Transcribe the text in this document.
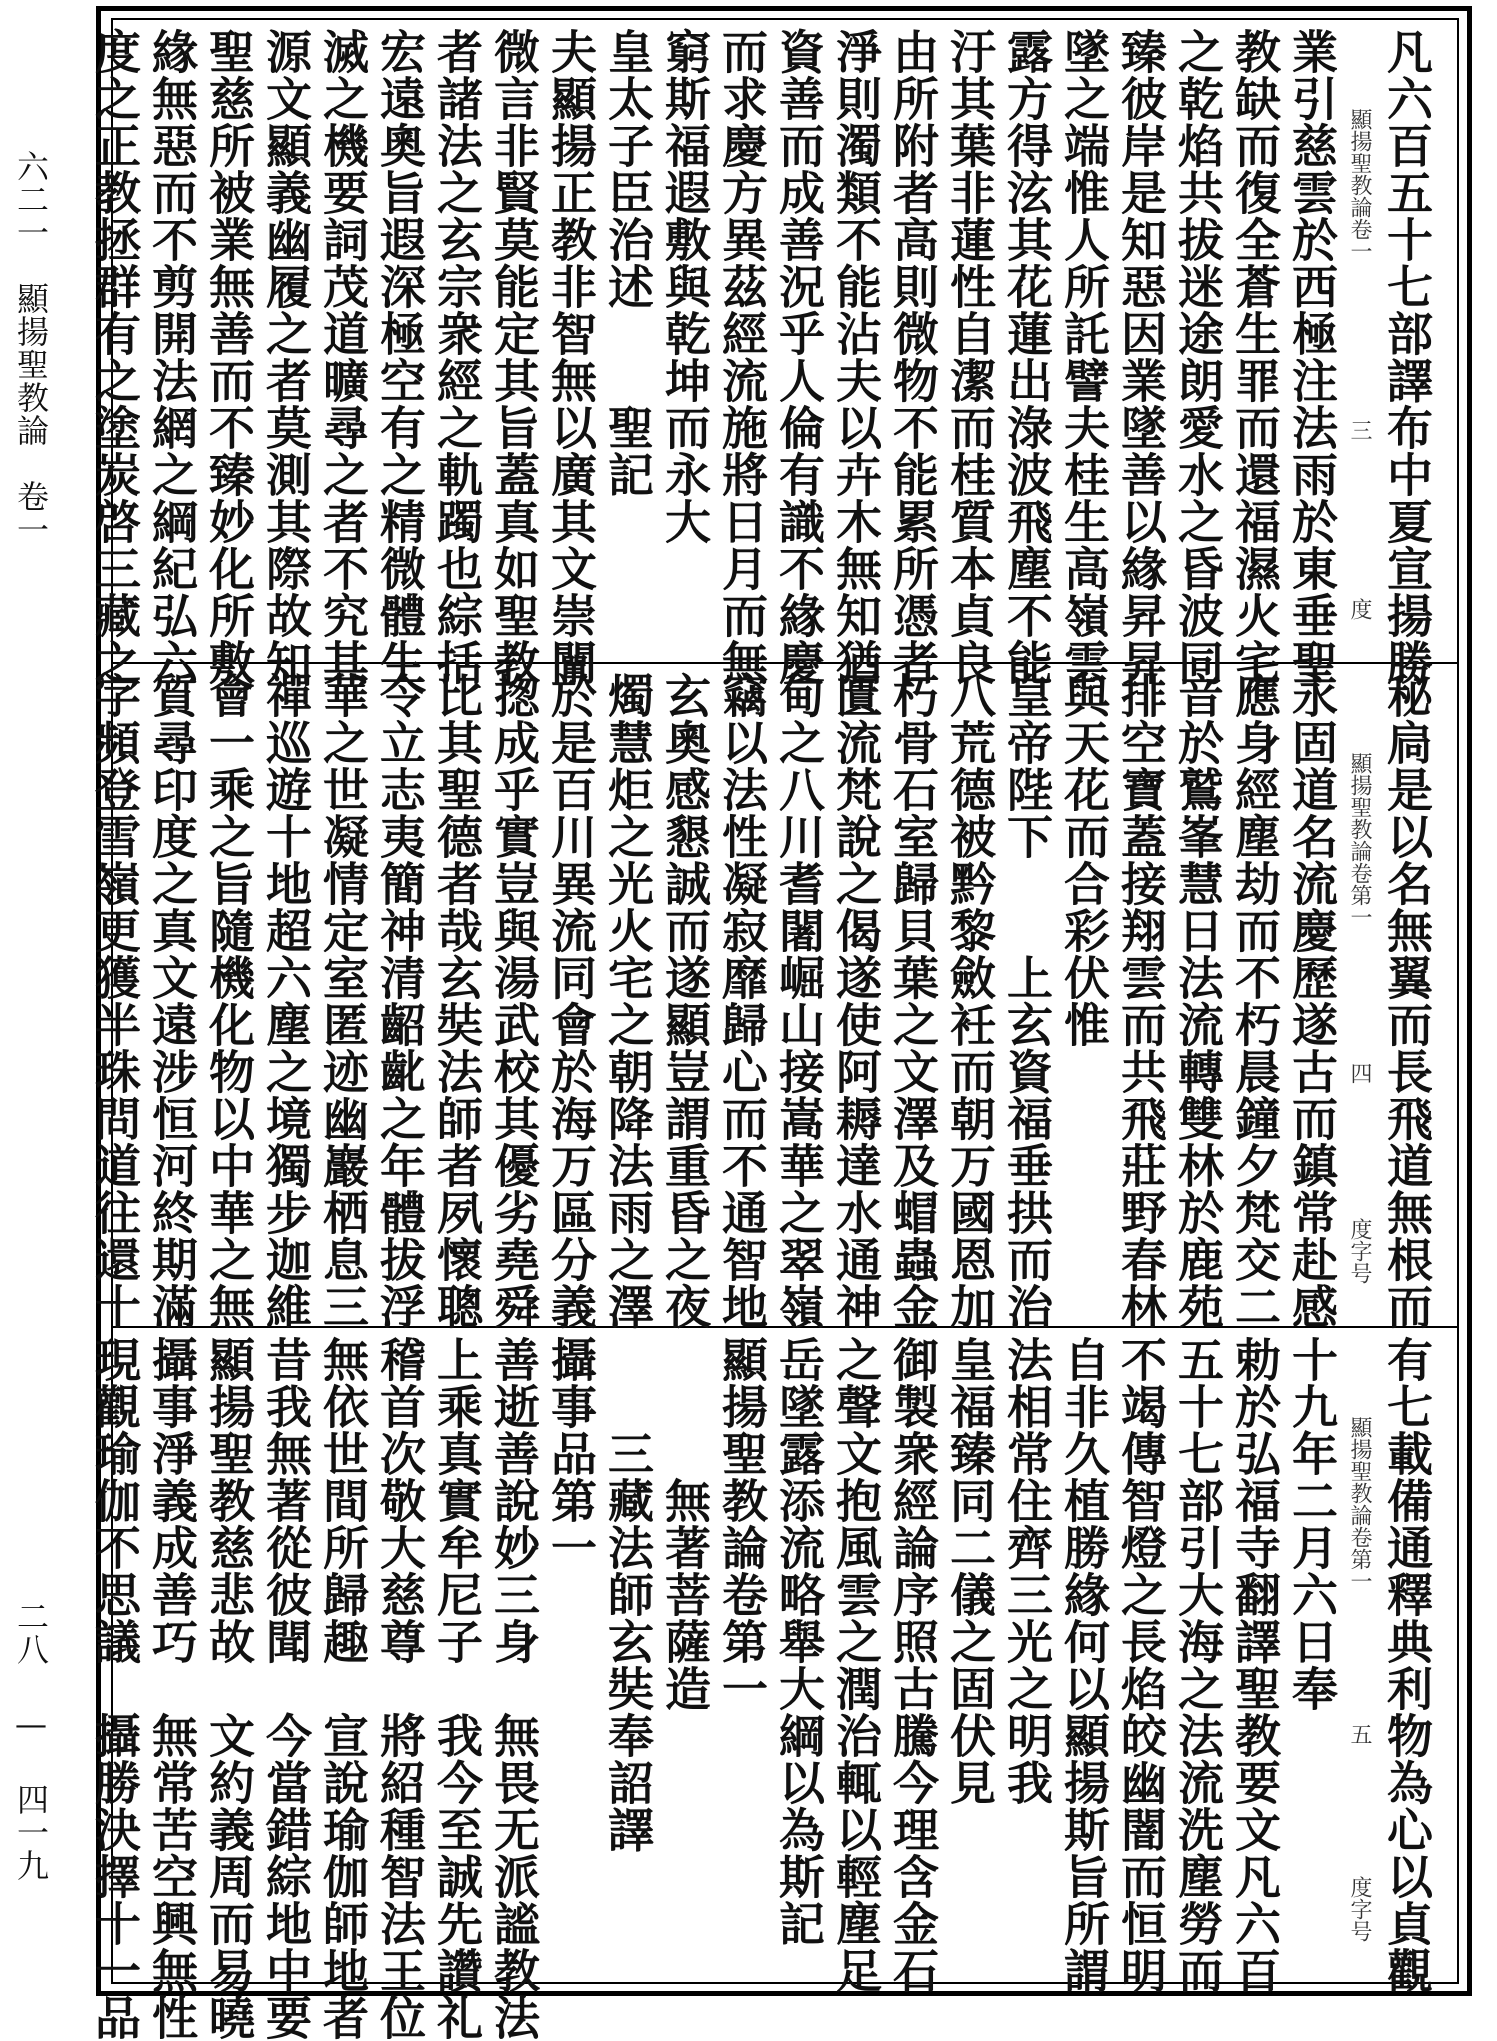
六二一　顯揚聖教論　卷一
二八 — 四一九
凡六百五十七部譯布中夏宣揚勝
顯揚聖教論卷一
三
度
業引慈雲於西極注法雨於東垂聖
教缺而復全蒼生罪而還福濕火宅
之乾焰共拔迷途朗愛水之昏波同
臻彼岸是知惡因業墜善以緣昇昇
墜之端惟人所託譬夫桂生高嶺雲
露方得泫其花蓮出淥波飛塵不能
汙其葉非蓮性自潔而桂質本貞良
由所附者高則微物不能累所憑者
淨則濁類不能沾夫以卉木無知猶
資善而成善況乎人倫有識不緣慶
而求慶方異茲經流施將日月而無
窮斯福遐敷與乾坤而永大
皇太子臣治述　　聖記
夫顯揚正教非智無以廣其文崇闡
微言非賢莫能定其旨蓋真如聖教
者諸法之玄宗衆經之軌躅也綜括
宏遠奧旨遐深極空有之精微體生
滅之機要詞茂道曠尋之者不究其
源文顯義幽履之者莫測其際故知
聖慈所被業無善而不臻妙化所敷
緣無惡而不剪開法網之綱紀弘六
度之正教拯群有之塗炭啓三藏之
秘扃是以名無翼而長飛道無根而
顯揚聖教論卷第一
四
度字号
永固道名流慶歷遂古而鎮常赴感
應身經塵劫而不朽晨鐘夕梵交二
音於鷲峯慧日法流轉雙林於鹿苑
排空寶蓋接翔雲而共飛莊野春林
與天花而合彩伏惟
皇帝陛下　　上玄資福垂拱而治
八荒德被黔黎斂衽而朝万國恩加
朽骨石室歸貝葉之文澤及蝐蟲金
匱流梵說之偈遂使阿耨達水通神
甸之八川耆闍崛山接嵩華之翠嶺
竊以法性凝寂靡歸心而不通智地
玄奧感懇誠而遂顯豈謂重昏之夜
燭慧炬之光火宅之朝降法雨之澤
於是百川異流同會於海万區分義
揔成乎實豈與湯武校其優劣堯舜
比其聖德者哉玄奘法師者夙懷聰
令立志夷簡神清齠齔之年體拔浮
華之世凝情定室匿迹幽巖栖息三
禪巡遊十地超六塵之境獨步迦維
會一乘之旨隨機化物以中華之無
質尋印度之真文遠涉恒河終期滿
字頻登雪嶺更獲半珠問道往還十
有七載備通釋典利物為心以貞觀
顯揚聖教論卷第一
五
度字号
十九年二月六日奉
勅於弘福寺翻譯聖教要文凡六百
五十七部引大海之法流洗塵勞而
不竭傳智燈之長焰皎幽闇而恒明
自非久植勝緣何以顯揚斯旨所謂
法相常住齊三光之明我
皇福臻同二儀之固伏見
御製衆經論序照古騰今理含金石
之聲文抱風雲之潤治輒以輕塵足
岳墜露添流略舉大綱以為斯記
顯揚聖教論卷第一
　　　無著菩薩造
　　三藏法師玄奘奉詔譯
攝事品第一
善逝善說妙三身　無畏无派謐教法
上乘真實牟尼子　我今至誠先讚礼
稽首次敬大慈尊　將紹種智法王位
無依世間所歸趣　宣說瑜伽師地者
昔我無著從彼聞　今當錯綜地中要
顯揚聖教慈悲故　文約義周而易曉
攝事淨義成善巧　無常苦空興無性
現觀瑜伽不思議　攝勝決擇十一品
